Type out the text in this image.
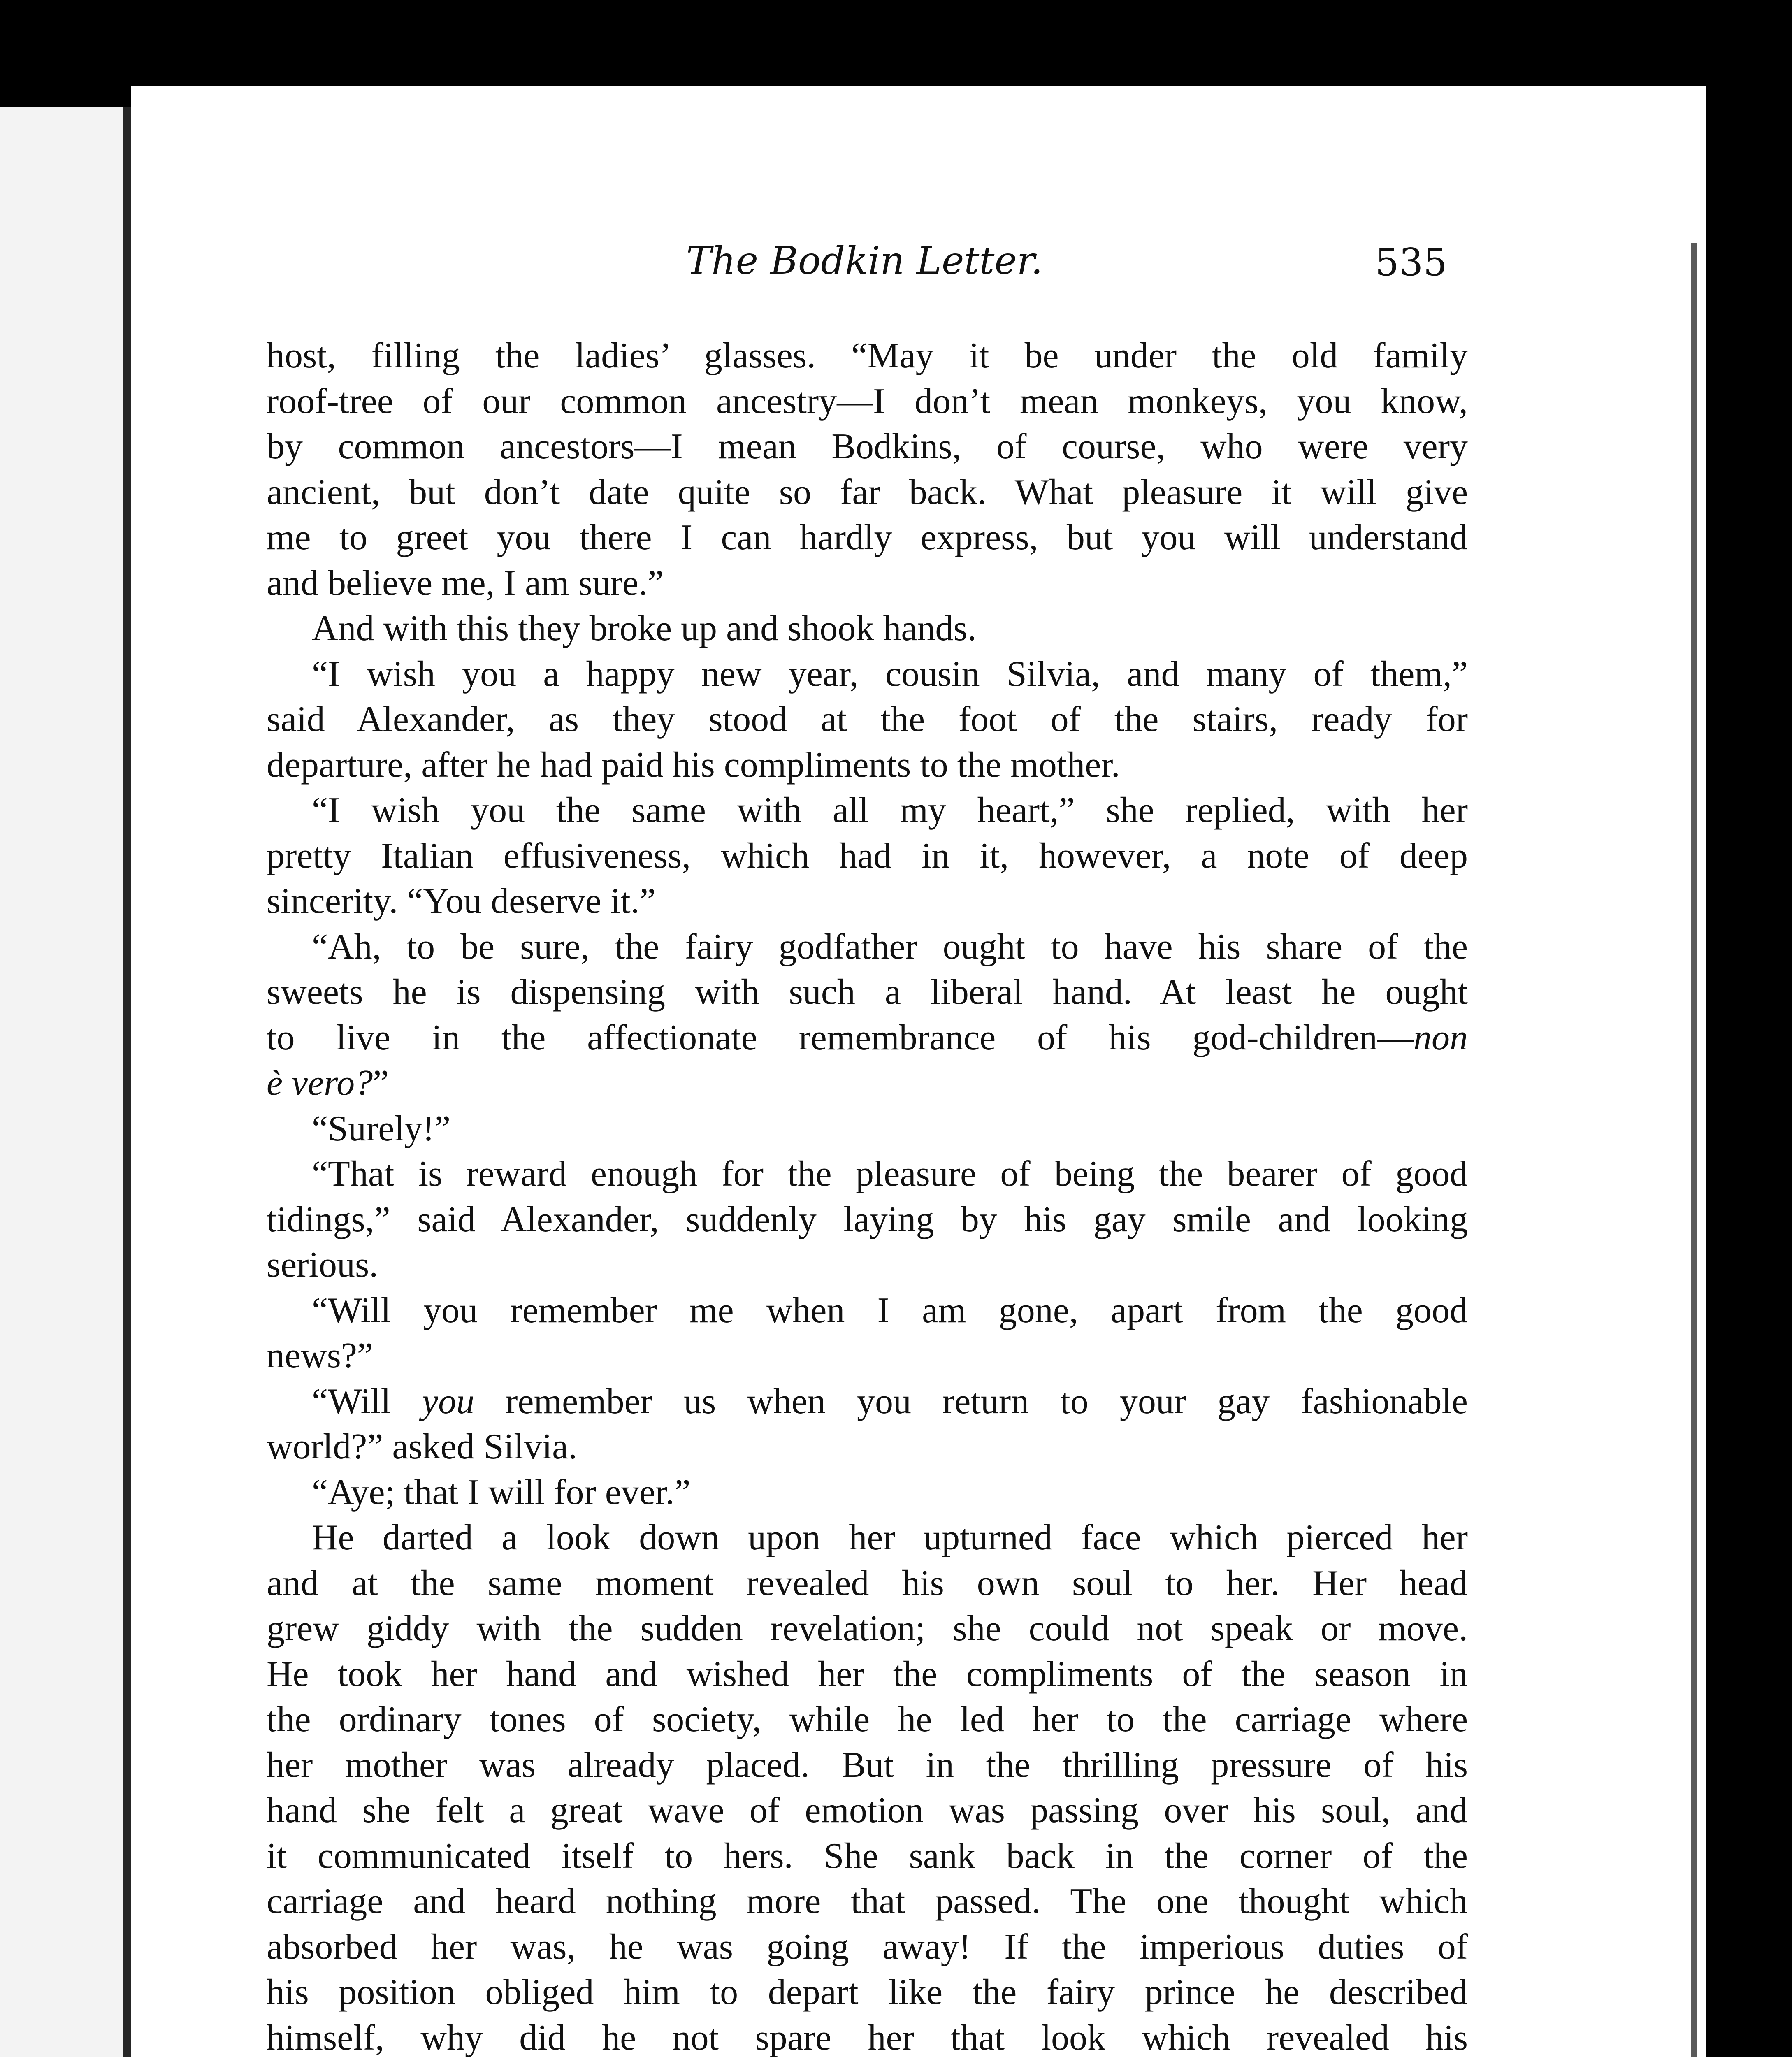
The Bodkin Letter.	535
host, filling the ladies’ glasses. “May it be under the old family
roof-tree of our common ancestry—I don’t mean monkeys, you know,
by common ancestors—I mean Bodkins, of course, who were very
ancient, but don’t date quite so far back. What pleasure it will give
me to greet you there I can hardly express, but you will understand
and believe me, I am sure.”
And with this they broke up and shook hands.
“I wish you a happy new year, cousin Silvia, and many of them,”
said Alexander, as they stood at the foot of the stairs, ready for
departure, after he had paid his compliments to the mother.
“I wish you the same with all my heart,” she replied, with her
pretty Italian effusiveness, which had in it, however, a note of deep
sincerity. “You deserve it.”
“Ah, to be sure, the fairy godfather ought to have his share of the
sweets he is dispensing with such a liberal hand. At least he ought
to live in the affectionate remembrance of his god-children—non
è vero?”
“Surely!”
“That is reward enough for the pleasure of being the bearer of good
tidings,” said Alexander, suddenly laying by his gay smile and looking
serious.
“Will you remember me when I am gone, apart from the good
news?”
“Will you remember us when you return to your gay fashionable
world?” asked Silvia.
“Aye; that I will for ever.”
He darted a look down upon her upturned face which pierced her
and at the same moment revealed his own soul to her. Her head
grew giddy with the sudden revelation; she could not speak or move.
He took her hand and wished her the compliments of the season in
the ordinary tones of society, while he led her to the carriage where
her mother was already placed. But in the thrilling pressure of his
hand she felt a great wave of emotion was passing over his soul, and
it communicated itself to hers. She sank back in the corner of the
carriage and heard nothing more that passed. The one thought which
absorbed her was, he was going away! If the imperious duties of
his position obliged him to depart like the fairy prince he described
himself, why did he not spare her that look which revealed his
